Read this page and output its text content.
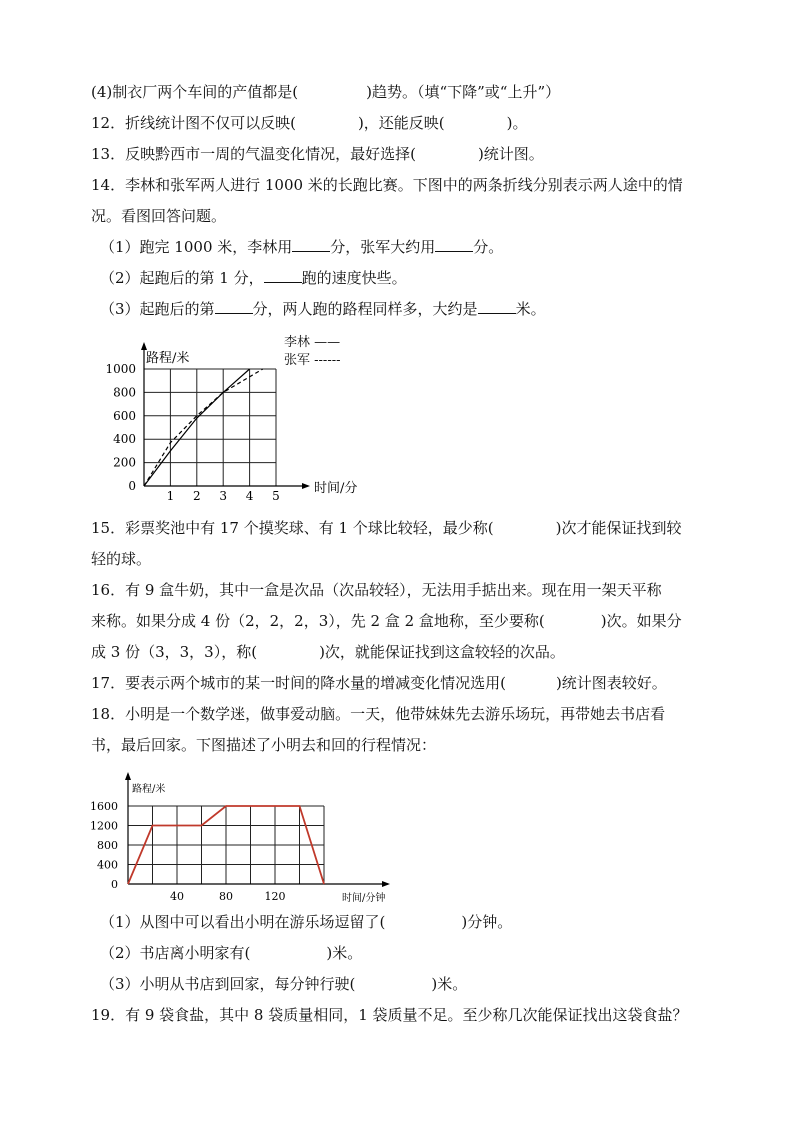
(4)制衣厂两个车间的产值都是(	)趋势。（填“下降”或“上升”）
12．折线统计图不仅可以反映(	)，还能反映(	)。
13．反映黔西市一周的气温变化情况，最好选择(	)统计图。
14．李林和张军两人进行 1000 米的长跑比赛。下图中的两条折线分别表示两人途中的情
况。看图回答问题。
（1）跑完 1000 米，李林用	分，张军大约用	分。
（2）起跑后的第 1 分，	跑的速度快些。
（3）起跑后的第	分，两人跑的路程同样多，大约是	米。
0
200
400
600
800
1000
1 2 3 4 5
路程/米
时间/分
李林 ——
张军 ------
15．彩票奖池中有 17 个摸奖球、有 1 个球比较轻，最少称(	)次才能保证找到较
轻的球。
16．有 9 盒牛奶，其中一盒是次品（次品较轻），无法用手掂出来。现在用一架天平称
来称。如果分成 4 份（2，2，2，3），先 2 盒 2 盒地称，至少要称(	)次。如果分
成 3 份（3，3，3），称(	)次，就能保证找到这盒较轻的次品。
17．要表示两个城市的某一时间的降水量的增减变化情况选用(	)统计图表较好。
18．小明是一个数学迷，做事爱动脑。一天，他带妹妹先去游乐场玩，再带她去书店看
书，最后回家。下图描述了小明去和回的行程情况：
0
400
800
1200
1600
40	80	120
路程/米
时间/分钟
（1）从图中可以看出小明在游乐场逗留了(	)分钟。
（2）书店离小明家有(	)米。
（3）小明从书店到回家，每分钟行驶(	)米。
19．有 9 袋食盐，其中 8 袋质量相同，1 袋质量不足。至少称几次能保证找出这袋食盐？
